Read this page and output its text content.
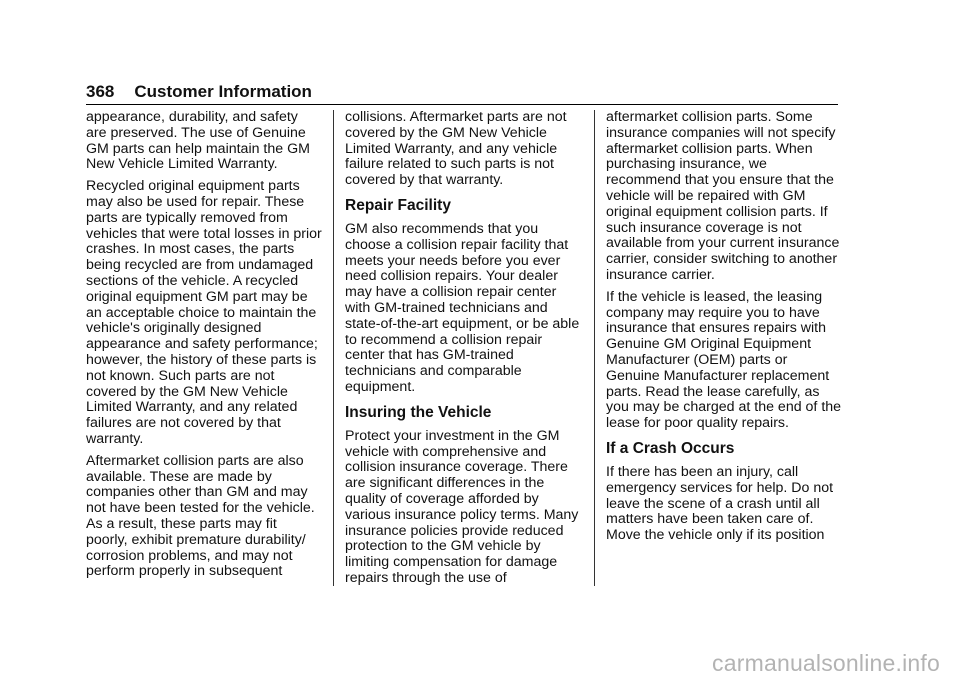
368 Customer Information

appearance, durability, and safety are preserved. The use of Genuine GM parts can help maintain the GM New Vehicle Limited Warranty.

Recycled original equipment parts may also be used for repair. These parts are typically removed from vehicles that were total losses in prior crashes. In most cases, the parts being recycled are from undamaged sections of the vehicle. A recycled original equipment GM part may be an acceptable choice to maintain the vehicle's originally designed appearance and safety performance; however, the history of these parts is not known. Such parts are not covered by the GM New Vehicle Limited Warranty, and any related failures are not covered by that warranty.

Aftermarket collision parts are also available. These are made by companies other than GM and may not have been tested for the vehicle. As a result, these parts may fit poorly, exhibit premature durability/ corrosion problems, and may not perform properly in subsequent

collisions. Aftermarket parts are not covered by the GM New Vehicle Limited Warranty, and any vehicle failure related to such parts is not covered by that warranty.

Repair Facility

GM also recommends that you choose a collision repair facility that meets your needs before you ever need collision repairs. Your dealer may have a collision repair center with GM-trained technicians and state-of-the-art equipment, or be able to recommend a collision repair center that has GM-trained technicians and comparable equipment.

Insuring the Vehicle

Protect your investment in the GM vehicle with comprehensive and collision insurance coverage. There are significant differences in the quality of coverage afforded by various insurance policy terms. Many insurance policies provide reduced protection to the GM vehicle by limiting compensation for damage repairs through the use of

aftermarket collision parts. Some insurance companies will not specify aftermarket collision parts. When purchasing insurance, we recommend that you ensure that the vehicle will be repaired with GM original equipment collision parts. If such insurance coverage is not available from your current insurance carrier, consider switching to another insurance carrier.

If the vehicle is leased, the leasing company may require you to have insurance that ensures repairs with Genuine GM Original Equipment Manufacturer (OEM) parts or Genuine Manufacturer replacement parts. Read the lease carefully, as you may be charged at the end of the lease for poor quality repairs.

If a Crash Occurs

If there has been an injury, call emergency services for help. Do not leave the scene of a crash until all matters have been taken care of. Move the vehicle only if its position

carmanualsonline.info
